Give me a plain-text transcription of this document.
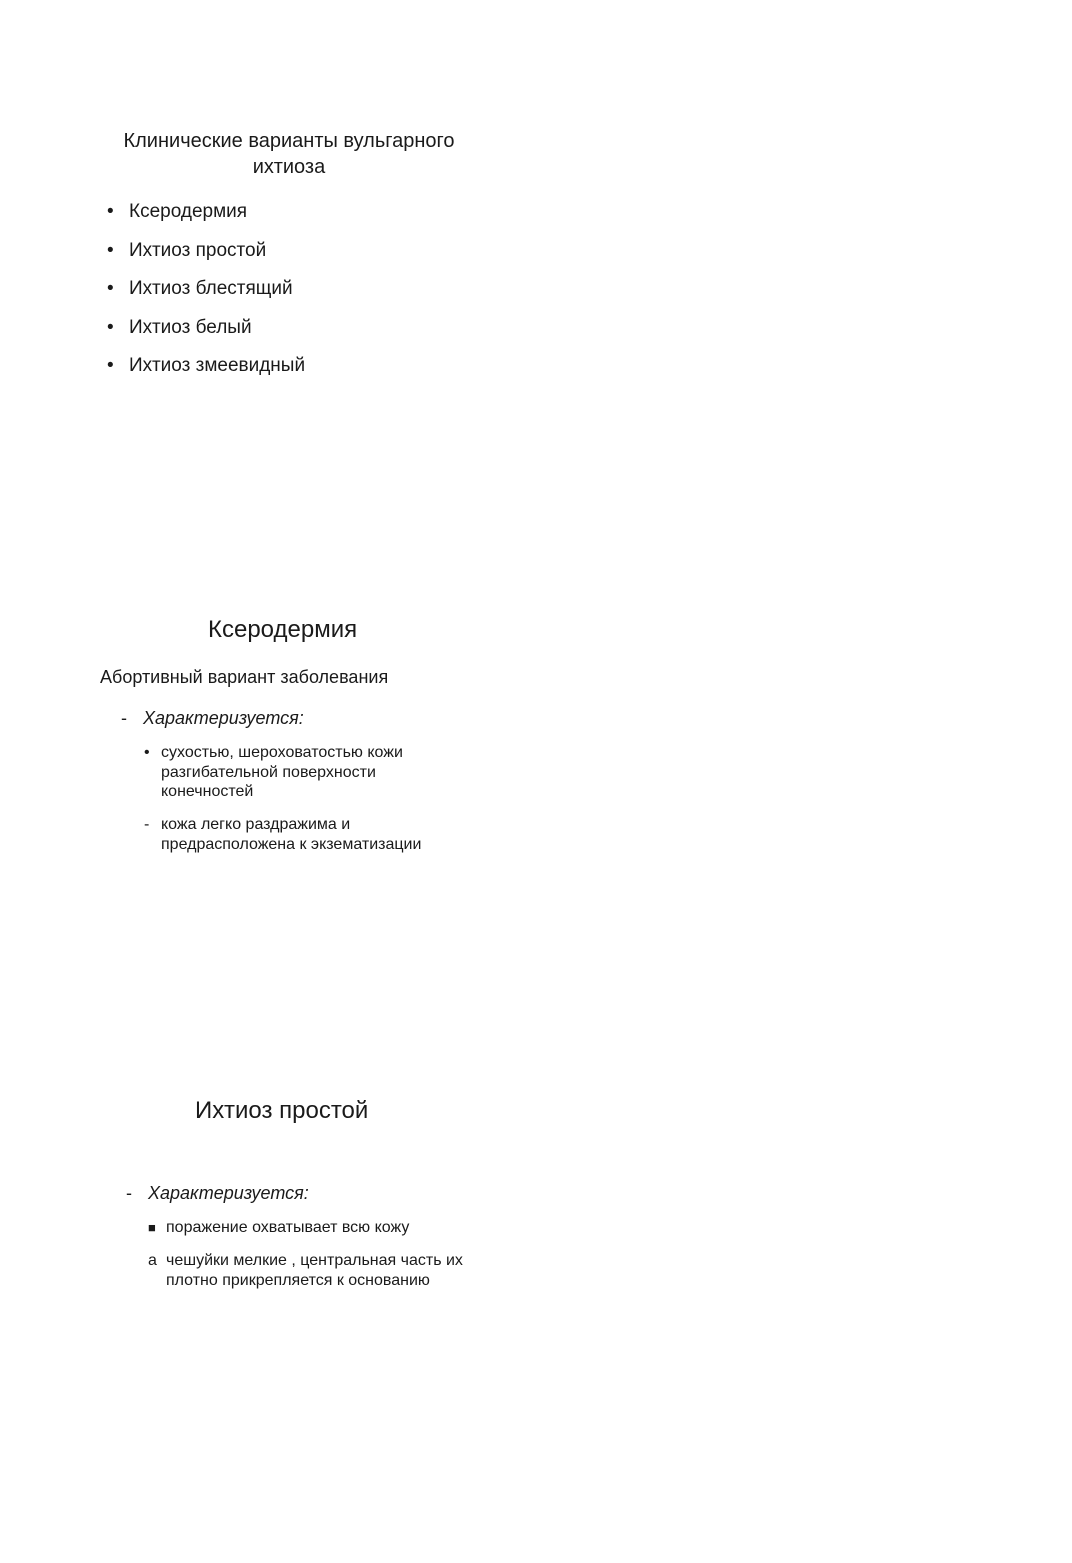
Клинические варианты вульгарного ихтиоза
• Ксеродермия
• Ихтиоз простой
• Ихтиоз блестящий
• Ихтиоз белый
• Ихтиоз змеевидный
Ксеродермия
Абортивный вариант заболевания
- Характеризуется:
• сухостью, шероховатостью кожи разгибательной поверхности конечностей
- кожа легко раздражима и предрасположена к экзематизации
Ихтиоз простой
- Характеризуется:
■ поражение охватывает всю кожу
а чешуйки мелкие , центральная часть их плотно прикрепляется к основанию
